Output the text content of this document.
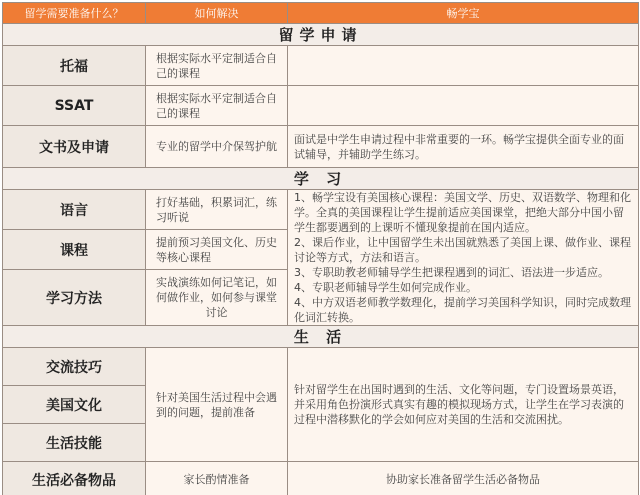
留学需要准备什么？	如何解决	畅学宝
留学申请		
托福	根据实际水平定制适合自己的课程	
SSAT	根据实际水平定制适合自己的课程	
文书及申请	专业的留学中介保驾护航	面试是中学生申请过程中非常重要的一环。畅学宝提供全面专业的面试辅导，并辅助学生练习。
学 习		
语言	打好基础，积累词汇，练习听说	1、畅学宝设有美国核心课程：美国文学、历史、双语数学、物理和化学。全真的美国课程让学生提前适应美国课堂，把绝大部分中国小留学生都要遇到的上课听不懂现象提前在国内适应。

2、课后作业，让中国留学生未出国就熟悉了美国上课、做作业、课程讨论等方式，方法和语言。

3、专职助教老师辅导学生把课程遇到的词汇、语法进一步适应。

4、专职老师辅导学生如何完成作业。

4、中方双语老师教学数理化，提前学习美国科学知识，同时完成数理化词汇转换。

课程	提前预习美国文化、历史等核心课程	
学习方法	实战演练如何记笔记，如何做作业，如何参与课堂讨论	
生 活		
交流技巧	针对美国生活过程中会遇到的问题，提前准备	针对留学生在出国时遇到的生活、文化等问题，专门设置场景英语，并采用角色扮演形式真实有趣的模拟现场方式，让学生在学习表演的过程中潜移默化的学会如何应对美国的生活和交流困扰。
美国文化		
生活技能		
生活必备物品	家长酌情准备	协助家长准备留学生活必备物品
